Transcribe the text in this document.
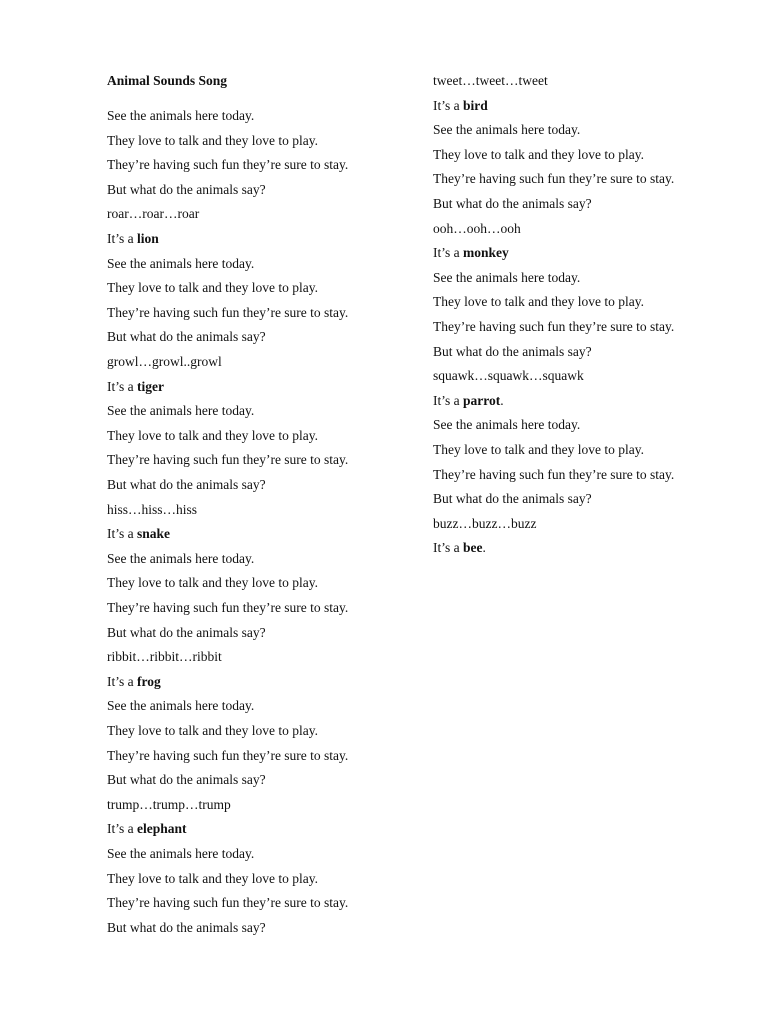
Animal Sounds Song
See the animals here today.
They love to talk and they love to play.
They’re having such fun they’re sure to stay.
But what do the animals say?
roar…roar…roar
It’s a lion
See the animals here today.
They love to talk and they love to play.
They’re having such fun they’re sure to stay.
But what do the animals say?
growl…growl..growl
It’s a tiger
See the animals here today.
They love to talk and they love to play.
They’re having such fun they’re sure to stay.
But what do the animals say?
hiss…hiss…hiss
It’s a snake
See the animals here today.
They love to talk and they love to play.
They’re having such fun they’re sure to stay.
But what do the animals say?
ribbit…ribbit…ribbit
It’s a frog
See the animals here today.
They love to talk and they love to play.
They’re having such fun they’re sure to stay.
But what do the animals say?
trump…trump…trump
It’s a elephant
See the animals here today.
They love to talk and they love to play.
They’re having such fun they’re sure to stay.
But what do the animals say?
tweet…tweet…tweet
It’s a bird
See the animals here today.
They love to talk and they love to play.
They’re having such fun they’re sure to stay.
But what do the animals say?
ooh…ooh…ooh
It’s a monkey
See the animals here today.
They love to talk and they love to play.
They’re having such fun they’re sure to stay.
But what do the animals say?
squawk…squawk…squawk
It’s a parrot.
See the animals here today.
They love to talk and they love to play.
They’re having such fun they’re sure to stay.
But what do the animals say?
buzz…buzz…buzz
It’s a bee.
